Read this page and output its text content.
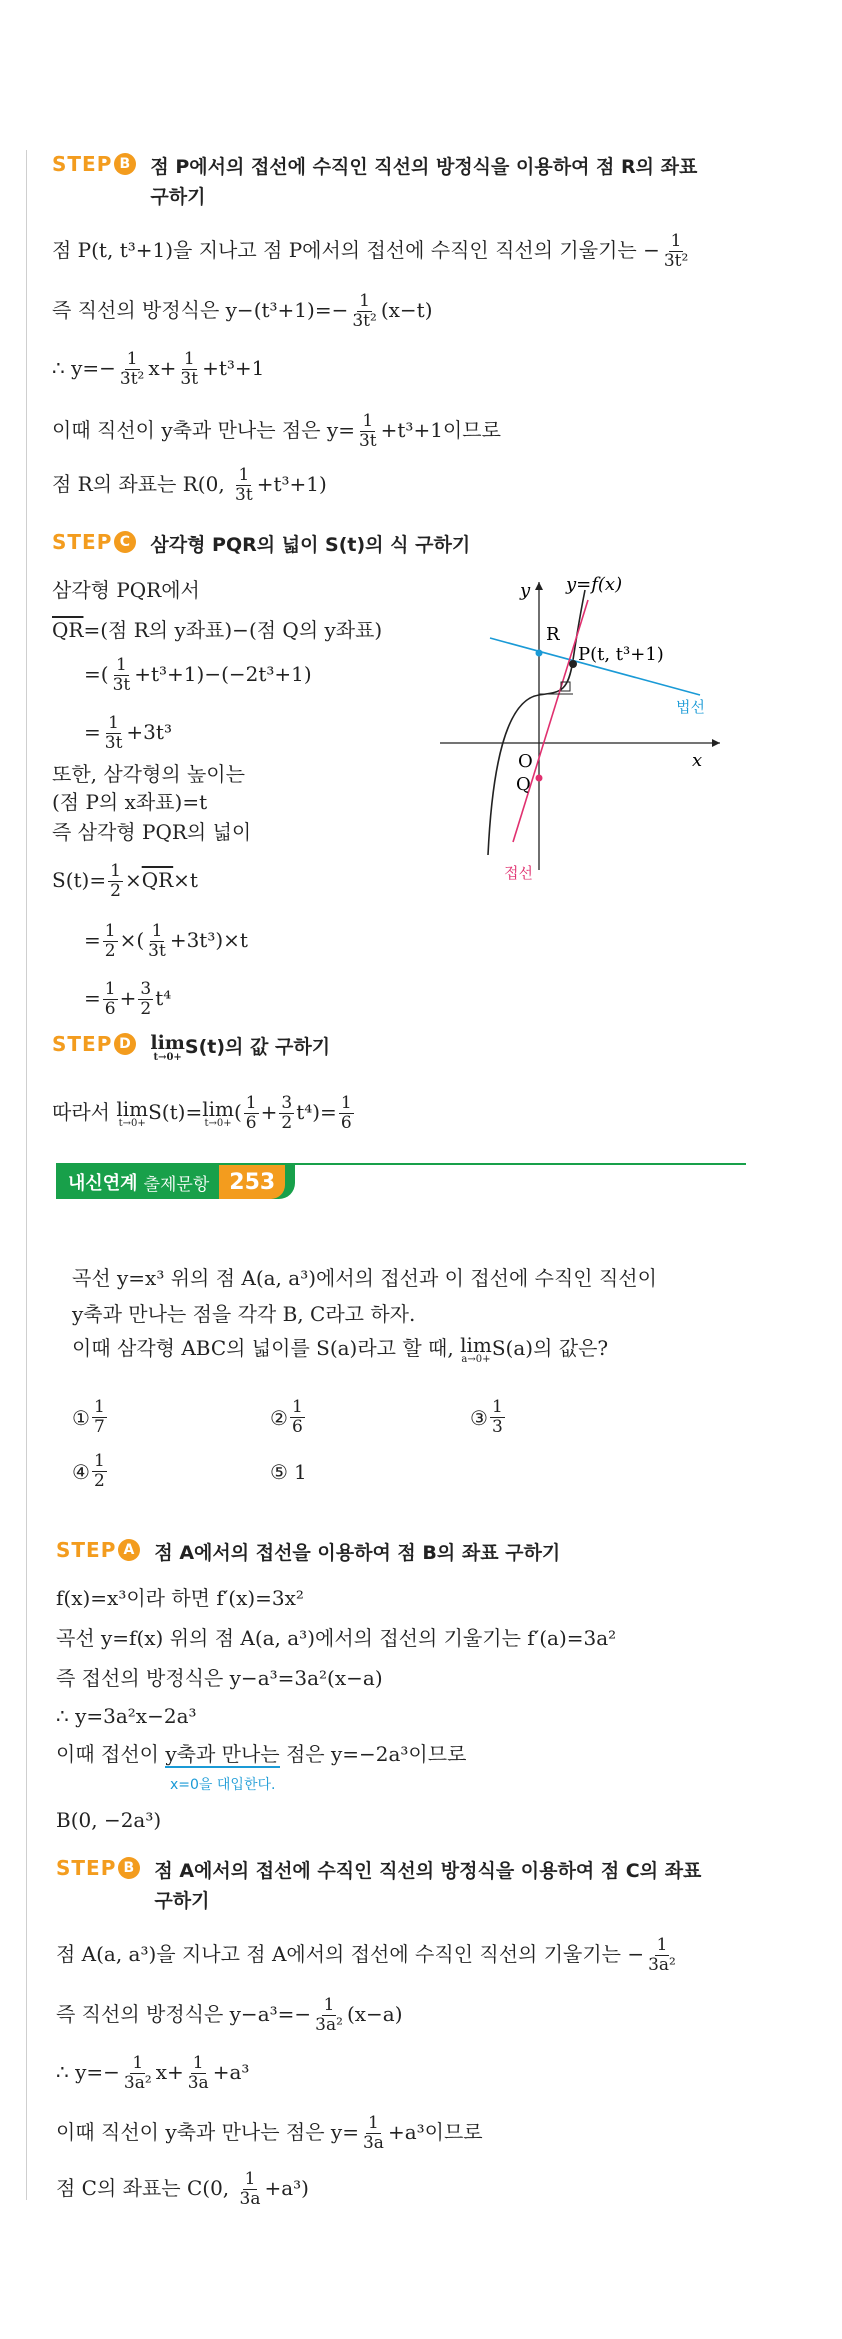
STEP B 점 P에서의 접선에 수직인 직선의 방정식을 이용하여 점 R의 좌표
구하기
점 P(t, t³+1)을 지나고 점 P에서의 접선에 수직인 직선의 기울기는 − $\frac{1}{\text{3t²}}$
즉 직선의 방정식은 $y-(t^3+1)=- \frac{1}{\text{3t²}} (x-t)$
∴ $y=- \frac{1}{\text{3t²}} x+ \frac{1}{3t} +t^3+1$
이때 직선이 y축과 만나는 점은 $y= \frac{1}{3t} +t^3+1$이므로
점 R의 좌표는 R(0, $\frac{1}{3t} +t^3+1$)
STEP C 삼각형 PQR의 넓이 S(t)의 식 구하기
삼각형 PQR에서
$\overline{QR}=$(점 R의 y좌표)−(점 Q의 y좌표)
=( $\frac{1}{3t} +t^3+1)-(-2t^3+1)$
= $\frac{1}{3t} +3t^3$
또한, 삼각형의 높이는
(점 P의 x좌표)=t
즉 삼각형 PQR의 넓이
$S(t)= \frac{1}{2} \times\overline{QR}\times t$
= $\frac{1}{2}$ ×( $\frac{1}{3t} +3t^3)\times t$
= $\frac{1}{6} + \frac{3}{2} t^4$
y y=f(x)
R
P(t, t³+1)
법선
O	x
Q
접선
STEP D lim
t→0+ S(t)의 값 구하기
따라서 lim
t→0+ S(t)= lim
t→0+ ( $\frac{1}{6} + \frac{3}{2} t^4)= \frac{1}{6}$
내신연계 출제문항 253
곡선 y=x³ 위의 점 A(a, a³)에서의 접선과 이 접선에 수직인 직선이
y축과 만나는 점을 각각 B, C라고 하자.
이때 삼각형 ABC의 넓이를 S(a)라고 할 때, lim
a→0+ S(a)의 값은?
① $\frac{1}{7}$	② $\frac{1}{6}$	③ $\frac{1}{3}$
④ $\frac{1}{2}$	⑤ 1
STEP A 점 A에서의 접선을 이용하여 점 B의 좌표 구하기
f(x)=x³이라 하면 f′(x)=3x²
곡선 y=f(x) 위의 점 A(a, a³)에서의 접선의 기울기는 f′(a)=3a²
즉 접선의 방정식은 y−a³=3a²(x−a)
∴ y=3a²x−2a³
이때 접선이 y축과 만나는 점은 y=−2a³이므로
x=0을 대입한다.
B(0, −2a³)
STEP B 점 A에서의 접선에 수직인 직선의 방정식을 이용하여 점 C의 좌표
구하기
점 A(a, a³)을 지나고 점 A에서의 접선에 수직인 직선의 기울기는 − $\frac{1}{\text{3a²}}$
즉 직선의 방정식은 $y-a^3=- \frac{1}{\text{3a²}} (x-a)$
∴ $y=- \frac{1}{\text{3a²}} x+ \frac{1}{3a} +a^3$
이때 직선이 y축과 만나는 점은 $y= \frac{1}{3a} +a^3$이므로
점 C의 좌표는 C(0, $\frac{1}{3a} +a^3$)
